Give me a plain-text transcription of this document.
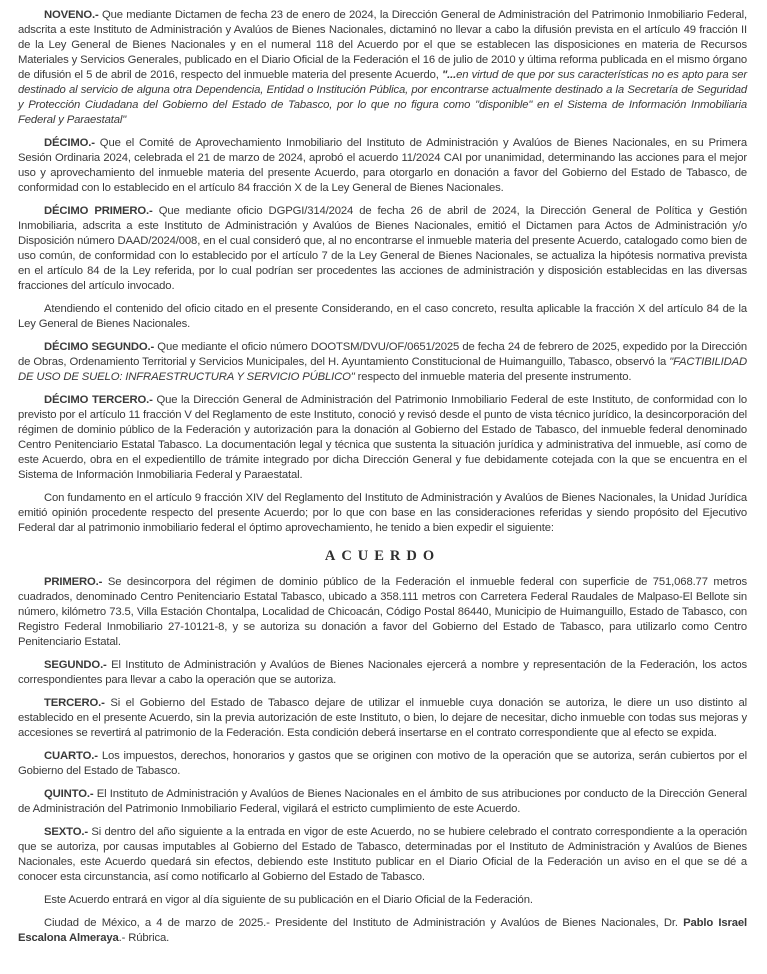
NOVENO.- Que mediante Dictamen de fecha 23 de enero de 2024, la Dirección General de Administración del Patrimonio Inmobiliario Federal, adscrita a este Instituto de Administración y Avalúos de Bienes Nacionales, dictaminó no llevar a cabo la difusión prevista en el artículo 49 fracción II de la Ley General de Bienes Nacionales y en el numeral 118 del Acuerdo por el que se establecen las disposiciones en materia de Recursos Materiales y Servicios Generales, publicado en el Diario Oficial de la Federación el 16 de julio de 2010 y última reforma publicada en el mismo órgano de difusión el 5 de abril de 2016, respecto del inmueble materia del presente Acuerdo, "...en virtud de que por sus características no es apto para ser destinado al servicio de alguna otra Dependencia, Entidad o Institución Pública, por encontrarse actualmente destinado a la Secretaría de Seguridad y Protección Ciudadana del Gobierno del Estado de Tabasco, por lo que no figura como "disponible" en el Sistema de Información Inmobiliaria Federal y Paraestatal"

DÉCIMO.- Que el Comité de Aprovechamiento Inmobiliario del Instituto de Administración y Avalúos de Bienes Nacionales, en su Primera Sesión Ordinaria 2024, celebrada el 21 de marzo de 2024, aprobó el acuerdo 11/2024 CAI por unanimidad, determinando las acciones para el mejor uso y aprovechamiento del inmueble materia del presente Acuerdo, para otorgarlo en donación a favor del Gobierno del Estado de Tabasco, de conformidad con lo establecido en el artículo 84 fracción X de la Ley General de Bienes Nacionales.

DÉCIMO PRIMERO.- Que mediante oficio DGPGI/314/2024 de fecha 26 de abril de 2024, la Dirección General de Política y Gestión Inmobiliaria, adscrita a este Instituto de Administración y Avalúos de Bienes Nacionales, emitió el Dictamen para Actos de Administración y/o Disposición número DAAD/2024/008, en el cual consideró que, al no encontrarse el inmueble materia del presente Acuerdo, catalogado como bien de uso común, de conformidad con lo establecido por el artículo 7 de la Ley General de Bienes Nacionales, se actualiza la hipótesis normativa prevista en el artículo 84 de la Ley referida, por lo cual podrían ser procedentes las acciones de administración y disposición establecidas en las diversas fracciones del artículo invocado.

Atendiendo el contenido del oficio citado en el presente Considerando, en el caso concreto, resulta aplicable la fracción X del artículo 84 de la Ley General de Bienes Nacionales.

DÉCIMO SEGUNDO.- Que mediante el oficio número DOOTSM/DVU/OF/0651/2025 de fecha 24 de febrero de 2025, expedido por la Dirección de Obras, Ordenamiento Territorial y Servicios Municipales, del H. Ayuntamiento Constitucional de Huimanguillo, Tabasco, observó la "FACTIBILIDAD DE USO DE SUELO: INFRAESTRUCTURA Y SERVICIO PÚBLICO" respecto del inmueble materia del presente instrumento.

DÉCIMO TERCERO.- Que la Dirección General de Administración del Patrimonio Inmobiliario Federal de este Instituto, de conformidad con lo previsto por el artículo 11 fracción V del Reglamento de este Instituto, conoció y revisó desde el punto de vista técnico jurídico, la desincorporación del régimen de dominio público de la Federación y autorización para la donación al Gobierno del Estado de Tabasco, del inmueble federal denominado Centro Penitenciario Estatal Tabasco. La documentación legal y técnica que sustenta la situación jurídica y administrativa del inmueble, así como de este Acuerdo, obra en el expedientillo de trámite integrado por dicha Dirección General y fue debidamente cotejada con la que se encuentra en el Sistema de Información Inmobiliaria Federal y Paraestatal.

Con fundamento en el artículo 9 fracción XIV del Reglamento del Instituto de Administración y Avalúos de Bienes Nacionales, la Unidad Jurídica emitió opinión procedente respecto del presente Acuerdo; por lo que con base en las consideraciones referidas y siendo propósito del Ejecutivo Federal dar al patrimonio inmobiliario federal el óptimo aprovechamiento, he tenido a bien expedir el siguiente:

ACUERDO

PRIMERO.- Se desincorpora del régimen de dominio público de la Federación el inmueble federal con superficie de 751,068.77 metros cuadrados, denominado Centro Penitenciario Estatal Tabasco, ubicado a 358.111 metros con Carretera Federal Raudales de Malpaso-El Bellote sin número, kilómetro 73.5, Villa Estación Chontalpa, Localidad de Chicoacán, Código Postal 86440, Municipio de Huimanguillo, Estado de Tabasco, con Registro Federal Inmobiliario 27-10121-8, y se autoriza su donación a favor del Gobierno del Estado de Tabasco, para utilizarlo como Centro Penitenciario Estatal.

SEGUNDO.- El Instituto de Administración y Avalúos de Bienes Nacionales ejercerá a nombre y representación de la Federación, los actos correspondientes para llevar a cabo la operación que se autoriza.

TERCERO.- Si el Gobierno del Estado de Tabasco dejare de utilizar el inmueble cuya donación se autoriza, le diere un uso distinto al establecido en el presente Acuerdo, sin la previa autorización de este Instituto, o bien, lo dejare de necesitar, dicho inmueble con todas sus mejoras y accesiones se revertirá al patrimonio de la Federación. Esta condición deberá insertarse en el contrato correspondiente que al efecto se expida.

CUARTO.- Los impuestos, derechos, honorarios y gastos que se originen con motivo de la operación que se autoriza, serán cubiertos por el Gobierno del Estado de Tabasco.

QUINTO.- El Instituto de Administración y Avalúos de Bienes Nacionales en el ámbito de sus atribuciones por conducto de la Dirección General de Administración del Patrimonio Inmobiliario Federal, vigilará el estricto cumplimiento de este Acuerdo.

SEXTO.- Si dentro del año siguiente a la entrada en vigor de este Acuerdo, no se hubiere celebrado el contrato correspondiente a la operación que se autoriza, por causas imputables al Gobierno del Estado de Tabasco, determinadas por el Instituto de Administración y Avalúos de Bienes Nacionales, este Acuerdo quedará sin efectos, debiendo este Instituto publicar en el Diario Oficial de la Federación un aviso en el que se dé a conocer esta circunstancia, así como notificarlo al Gobierno del Estado de Tabasco.

Este Acuerdo entrará en vigor al día siguiente de su publicación en el Diario Oficial de la Federación.

Ciudad de México, a 4 de marzo de 2025.- Presidente del Instituto de Administración y Avalúos de Bienes Nacionales, Dr. Pablo Israel Escalona Almeraya.- Rúbrica.
